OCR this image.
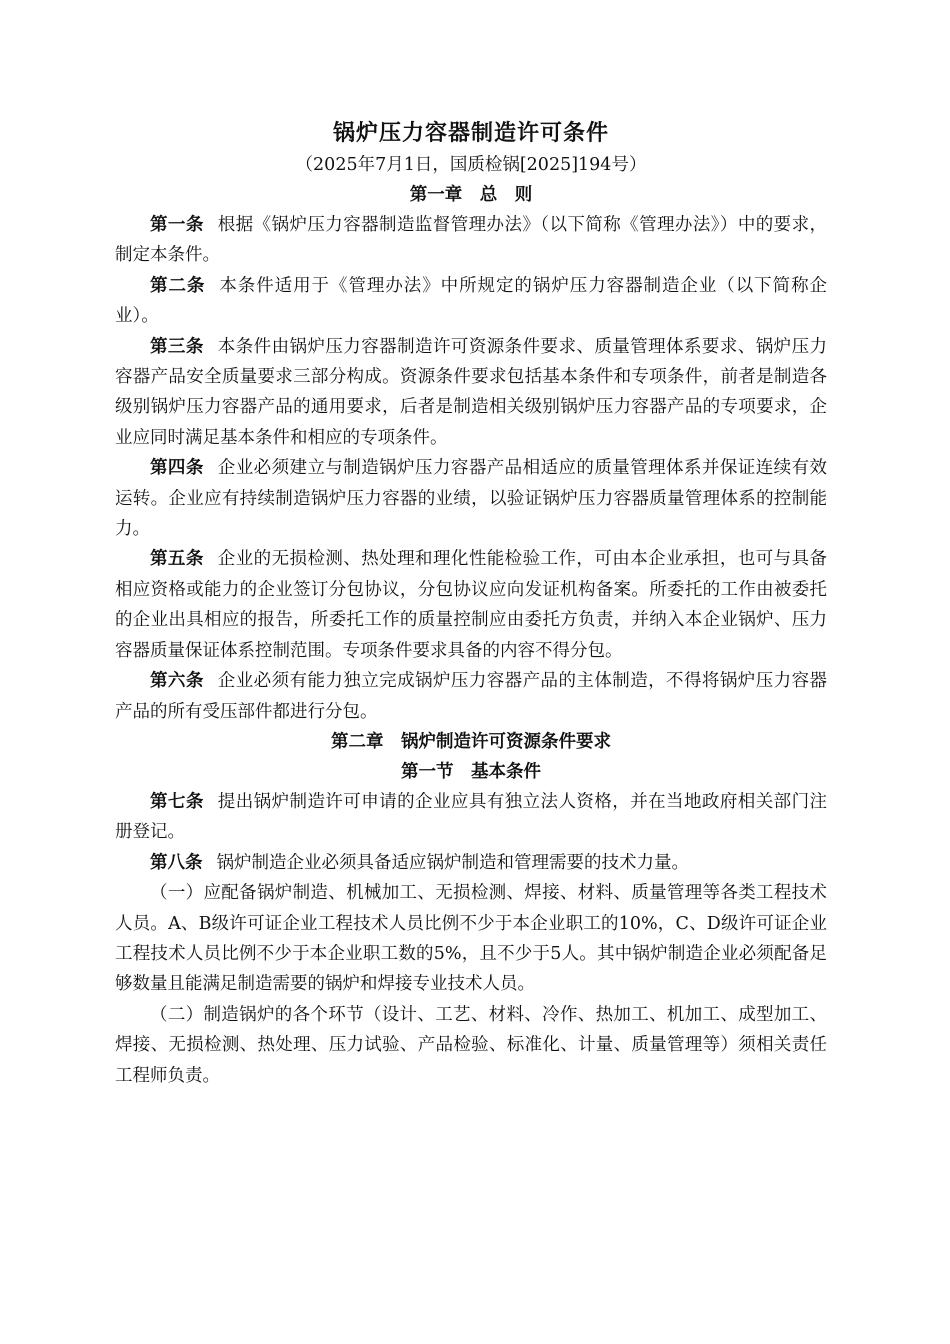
锅炉压力容器制造许可条件

（2025年7月1日，国质检锅[2025]194号）

第一章　总　则

第一条 根据《锅炉压力容器制造监督管理办法》（以下简称《管理办法》）中的要求，制定本条件。

第二条 本条件适用于《管理办法》中所规定的锅炉压力容器制造企业（以下简称企业）。

第三条 本条件由锅炉压力容器制造许可资源条件要求、质量管理体系要求、锅炉压力容器产品安全质量要求三部分构成。资源条件要求包括基本条件和专项条件，前者是制造各级别锅炉压力容器产品的通用要求，后者是制造相关级别锅炉压力容器产品的专项要求，企业应同时满足基本条件和相应的专项条件。

第四条 企业必须建立与制造锅炉压力容器产品相适应的质量管理体系并保证连续有效运转。企业应有持续制造锅炉压力容器的业绩，以验证锅炉压力容器质量管理体系的控制能力。

第五条 企业的无损检测、热处理和理化性能检验工作，可由本企业承担，也可与具备相应资格或能力的企业签订分包协议，分包协议应向发证机构备案。所委托的工作由被委托的企业出具相应的报告，所委托工作的质量控制应由委托方负责，并纳入本企业锅炉、压力容器质量保证体系控制范围。专项条件要求具备的内容不得分包。

第六条 企业必须有能力独立完成锅炉压力容器产品的主体制造，不得将锅炉压力容器产品的所有受压部件都进行分包。

第二章　锅炉制造许可资源条件要求

第一节　基本条件

第七条 提出锅炉制造许可申请的企业应具有独立法人资格，并在当地政府相关部门注册登记。

第八条 锅炉制造企业必须具备适应锅炉制造和管理需要的技术力量。

（一）应配备锅炉制造、机械加工、无损检测、焊接、材料、质量管理等各类工程技术人员。A、B级许可证企业工程技术人员比例不少于本企业职工的10%，C、D级许可证企业工程技术人员比例不少于本企业职工数的5%，且不少于5人。其中锅炉制造企业必须配备足够数量且能满足制造需要的锅炉和焊接专业技术人员。

（二）制造锅炉的各个环节（设计、工艺、材料、冷作、热加工、机加工、成型加工、焊接、无损检测、热处理、压力试验、产品检验、标准化、计量、质量管理等）须相关责任工程师负责。
